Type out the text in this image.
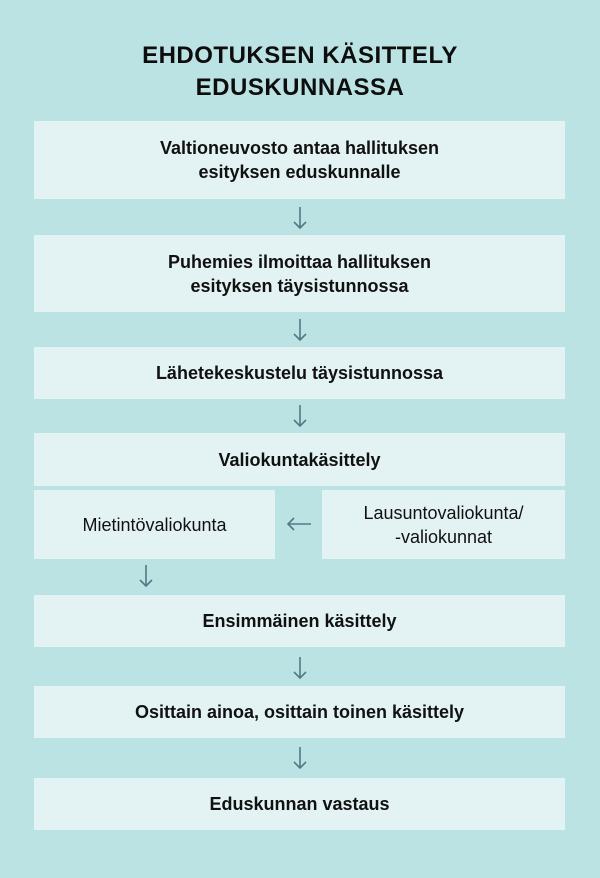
EHDOTUKSEN KÄSITTELY
EDUSKUNNASSA
Valtioneuvosto antaa hallituksen
esityksen eduskunnalle
Puhemies ilmoittaa hallituksen
esityksen täysistunnossa
Lähetekeskustelu täysistunnossa
Valiokuntakäsittely
Mietintövaliokunta
Lausuntovaliokunta/
-valiokunnat
Ensimmäinen käsittely
Osittain ainoa, osittain toinen käsittely
Eduskunnan vastaus
